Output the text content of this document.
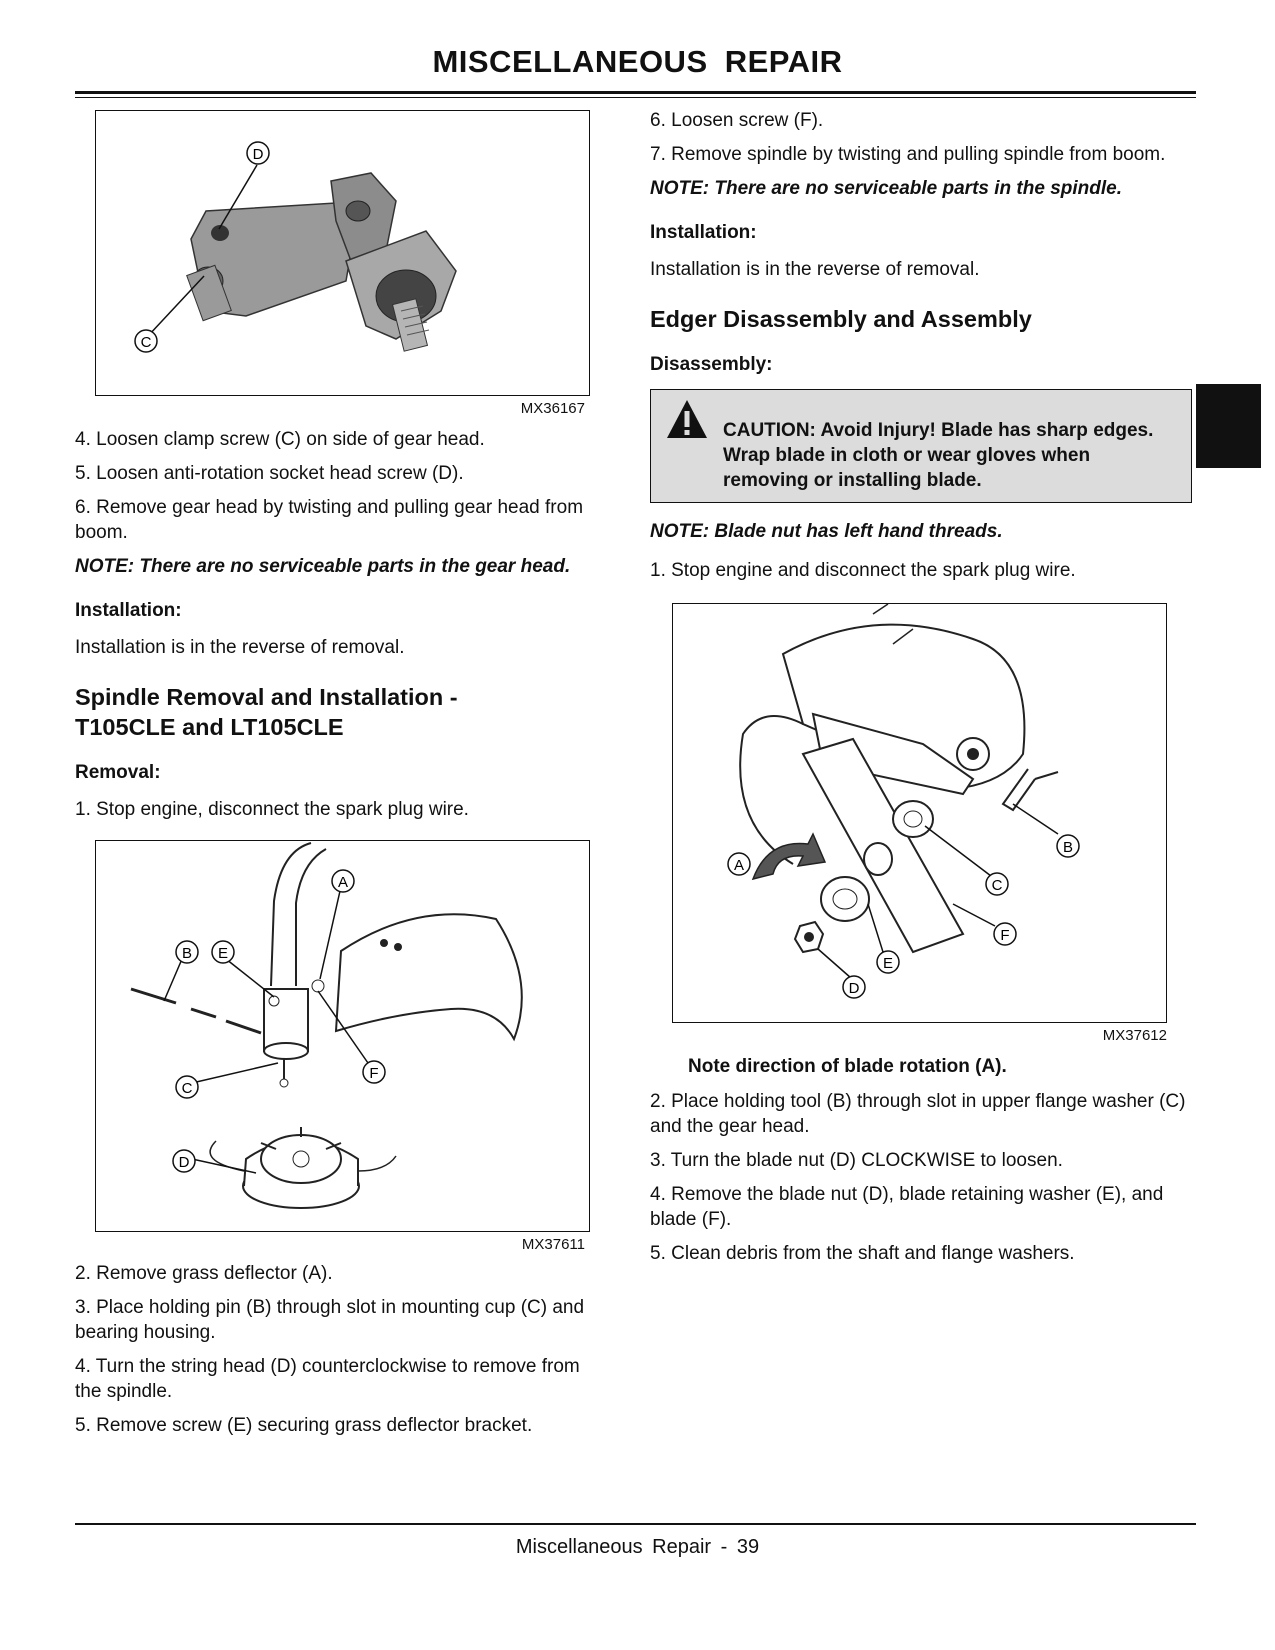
MISCELLANEOUS REPAIR
D
C
MX36167

4. Loosen clamp screw (C) on side of gear head.

5. Loosen anti-rotation socket head screw (D).

6. Remove gear head by twisting and pulling gear head from boom.

NOTE: There are no serviceable parts in the gear head.

Installation:

Installation is in the reverse of removal.

Spindle Removal and Installation - T105CLE and LT105CLE

Removal:

1. Stop engine, disconnect the spark plug wire.

A
B E
C
F
D
MX37611

2. Remove grass deflector (A).

3. Place holding pin (B) through slot in mounting cup (C) and bearing housing.

4. Turn the string head (D) counterclockwise to remove from the spindle.

5. Remove screw (E) securing grass deflector bracket.

6. Loosen screw (F).

7. Remove spindle by twisting and pulling spindle from boom.

NOTE: There are no serviceable parts in the spindle.

Installation:

Installation is in the reverse of removal.

Edger Disassembly and Assembly

Disassembly:

CAUTION: Avoid Injury! Blade has sharp edges. Wrap blade in cloth or wear gloves when removing or installing blade.

NOTE: Blade nut has left hand threads.

1. Stop engine and disconnect the spark plug wire.

B
A
C
F
E
D
MX37612

Note direction of blade rotation (A).

2. Place holding tool (B) through slot in upper flange washer (C) and the gear head.

3. Turn the blade nut (D) CLOCKWISE to loosen.

4. Remove the blade nut (D), blade retaining washer (E), and blade (F).

5. Clean debris from the shaft and flange washers.

Miscellaneous Repair - 39
